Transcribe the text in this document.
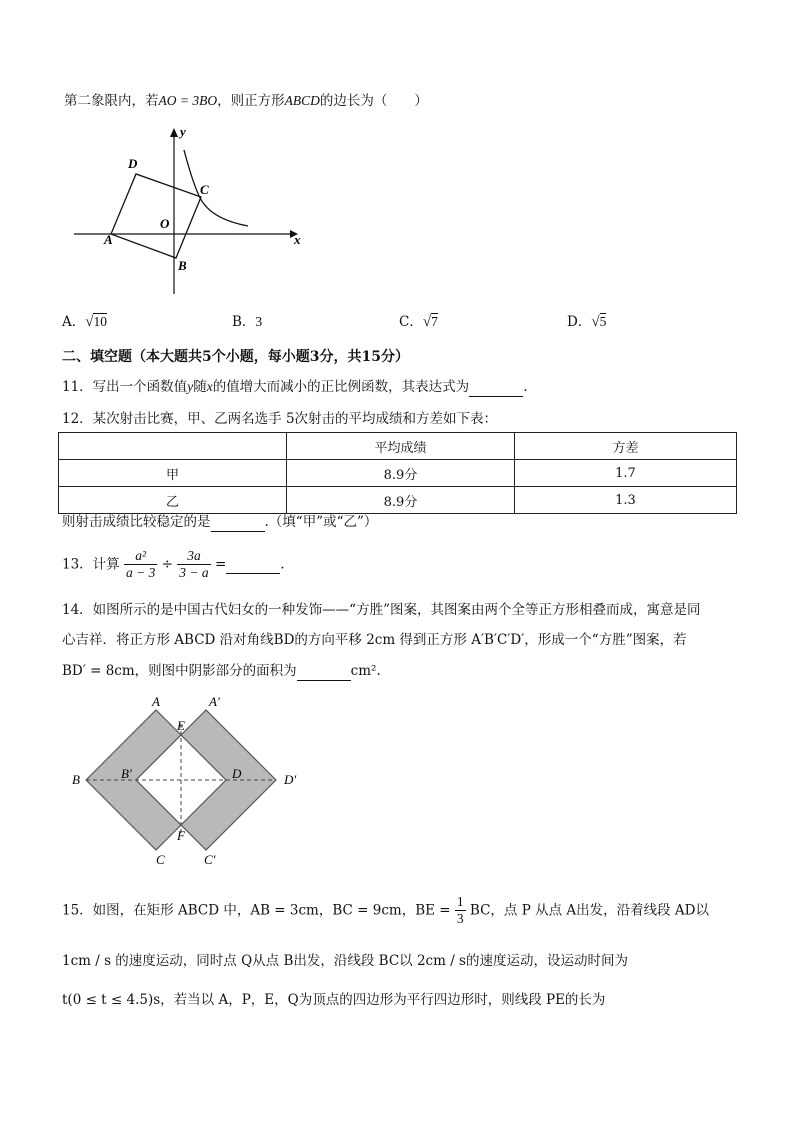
第二象限内，若AO = 3BO，则正方形ABCD的边长为（　　）
x
y
D
C
O
A
B
A．√10	B．3	C．√7	D．√5
二、填空题（本大题共5个小题，每小题3分，共15分）
11．写出一个函数值y随x的值增大而减小的正比例函数，其表达式为	.
12．某次射击比赛，甲、乙两名选手 5次射击的平均成绩和方差如下表：
	平均成绩	方差
甲	8.9分	1.7
乙	8.9分	1.3
则射击成绩比较稳定的是	.（填“甲”或“乙”）
13．计算 $\frac{\text{a²}}{a - 3} \div \frac{3a}{3 - a}$ =	.
14．如图所示的是中国古代妇女的一种发饰——“方胜”图案，其图案由两个全等正方形相叠而成，寓意是同
心吉祥．将正方形 ABCD 沿对角线BD的方向平移 2cm 得到正方形 A′B′C′D′，形成一个“方胜”图案，若
BD′ = 8cm，则图中阴影部分的面积为	cm².
A	A′
E
B	B′	D	D′
F
C	C′
15．如图，在矩形 ABCD 中，AB = 3cm，BC = 9cm，BE = $\frac{1}{3}$ BC，点 P 从点 A出发，沿着线段 AD以
1cm / s 的速度运动，同时点 Q从点 B出发，沿线段 BC以 2cm / s的速度运动，设运动时间为
t(0 ≤ t ≤ 4.5)s，若当以 A，P，E，Q为顶点的四边形为平行四边形时，则线段 PE的长为
